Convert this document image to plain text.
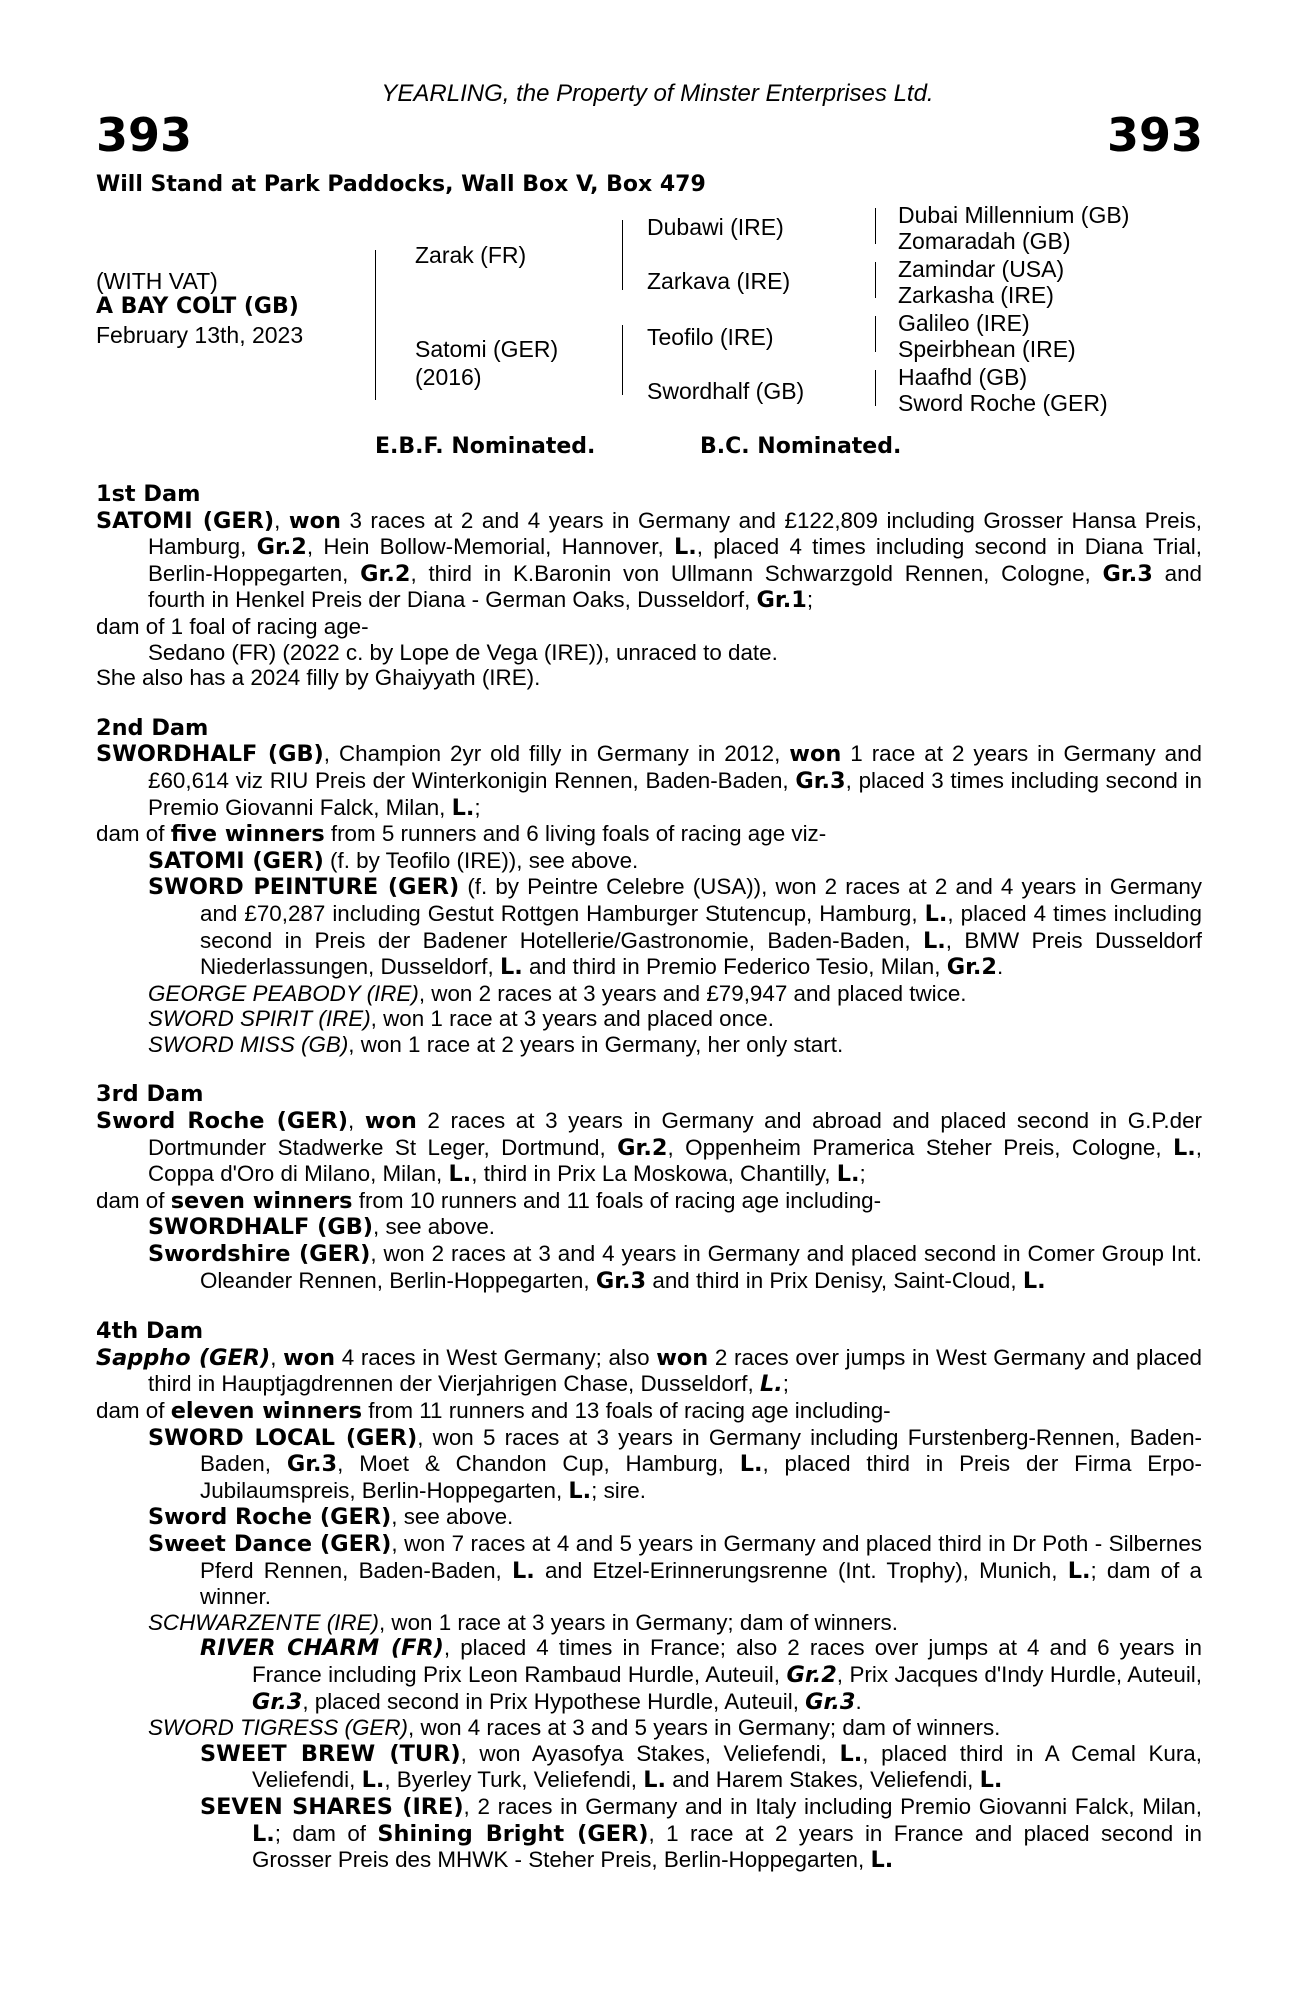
393	393
YEARLING, the Property of Minster Enterprises Ltd.
Will Stand at Park Paddocks, Wall Box V, Box 479
(WITH VAT)
A BAY COLT (GB)
February 13th, 2023
Zarak (FR)
Satomi (GER)
(2016)
Dubawi (IRE)
Zarkava (IRE)
Teofilo (IRE)
Swordhalf (GB)
Dubai Millennium (GB)
Zomaradah (GB)
Zamindar (USA)
Zarkasha (IRE)
Galileo (IRE)
Speirbhean (IRE)
Haafhd (GB)
Sword Roche (GER)
E.B.F. Nominated.	B.C. Nominated.
1st Dam
SATOMI (GER), won 3 races at 2 and 4 years in Germany and £122,809 including Grosser Hansa Preis, Hamburg, Gr.2, Hein Bollow-Memorial, Hannover, L., placed 4 times including second in Diana Trial, Berlin-Hoppegarten, Gr.2, third in K.Baronin von Ullmann Schwarzgold Rennen, Cologne, Gr.3 and fourth in Henkel Preis der Diana - German Oaks, Dusseldorf, Gr.1;
dam of 1 foal of racing age-
Sedano (FR) (2022 c. by Lope de Vega (IRE)), unraced to date.
She also has a 2024 filly by Ghaiyyath (IRE).
2nd Dam
SWORDHALF (GB), Champion 2yr old filly in Germany in 2012, won 1 race at 2 years in Germany and £60,614 viz RIU Preis der Winterkonigin Rennen, Baden-Baden, Gr.3, placed 3 times including second in Premio Giovanni Falck, Milan, L.;
dam of five winners from 5 runners and 6 living foals of racing age viz-
SATOMI (GER) (f. by Teofilo (IRE)), see above.
SWORD PEINTURE (GER) (f. by Peintre Celebre (USA)), won 2 races at 2 and 4 years in Germany and £70,287 including Gestut Rottgen Hamburger Stutencup, Hamburg, L., placed 4 times including second in Preis der Badener Hotellerie/Gastronomie, Baden-Baden, L., BMW Preis Dusseldorf Niederlassungen, Dusseldorf, L. and third in Premio Federico Tesio, Milan, Gr.2.
GEORGE PEABODY (IRE), won 2 races at 3 years and £79,947 and placed twice.
SWORD SPIRIT (IRE), won 1 race at 3 years and placed once.
SWORD MISS (GB), won 1 race at 2 years in Germany, her only start.
3rd Dam
Sword Roche (GER), won 2 races at 3 years in Germany and abroad and placed second in G.P.der Dortmunder Stadwerke St Leger, Dortmund, Gr.2, Oppenheim Pramerica Steher Preis, Cologne, L., Coppa d'Oro di Milano, Milan, L., third in Prix La Moskowa, Chantilly, L.;
dam of seven winners from 10 runners and 11 foals of racing age including-
SWORDHALF (GB), see above.
Swordshire (GER), won 2 races at 3 and 4 years in Germany and placed second in Comer Group Int. Oleander Rennen, Berlin-Hoppegarten, Gr.3 and third in Prix Denisy, Saint-Cloud, L.
4th Dam
Sappho (GER), won 4 races in West Germany; also won 2 races over jumps in West Germany and placed third in Hauptjagdrennen der Vierjahrigen Chase, Dusseldorf, L.;
dam of eleven winners from 11 runners and 13 foals of racing age including-
SWORD LOCAL (GER), won 5 races at 3 years in Germany including Furstenberg-Rennen, Baden-Baden, Gr.3, Moet & Chandon Cup, Hamburg, L., placed third in Preis der Firma Erpo-Jubilaumspreis, Berlin-Hoppegarten, L.; sire.
Sword Roche (GER), see above.
Sweet Dance (GER), won 7 races at 4 and 5 years in Germany and placed third in Dr Poth - Silbernes Pferd Rennen, Baden-Baden, L. and Etzel-Erinnerungsrenne (Int. Trophy), Munich, L.; dam of a winner.
SCHWARZENTE (IRE), won 1 race at 3 years in Germany; dam of winners.
RIVER CHARM (FR), placed 4 times in France; also 2 races over jumps at 4 and 6 years in France including Prix Leon Rambaud Hurdle, Auteuil, Gr.2, Prix Jacques d'Indy Hurdle, Auteuil, Gr.3, placed second in Prix Hypothese Hurdle, Auteuil, Gr.3.
SWORD TIGRESS (GER), won 4 races at 3 and 5 years in Germany; dam of winners.
SWEET BREW (TUR), won Ayasofya Stakes, Veliefendi, L., placed third in A Cemal Kura, Veliefendi, L., Byerley Turk, Veliefendi, L. and Harem Stakes, Veliefendi, L.
SEVEN SHARES (IRE), 2 races in Germany and in Italy including Premio Giovanni Falck, Milan, L.; dam of Shining Bright (GER), 1 race at 2 years in France and placed second in Grosser Preis des MHWK - Steher Preis, Berlin-Hoppegarten, L.
